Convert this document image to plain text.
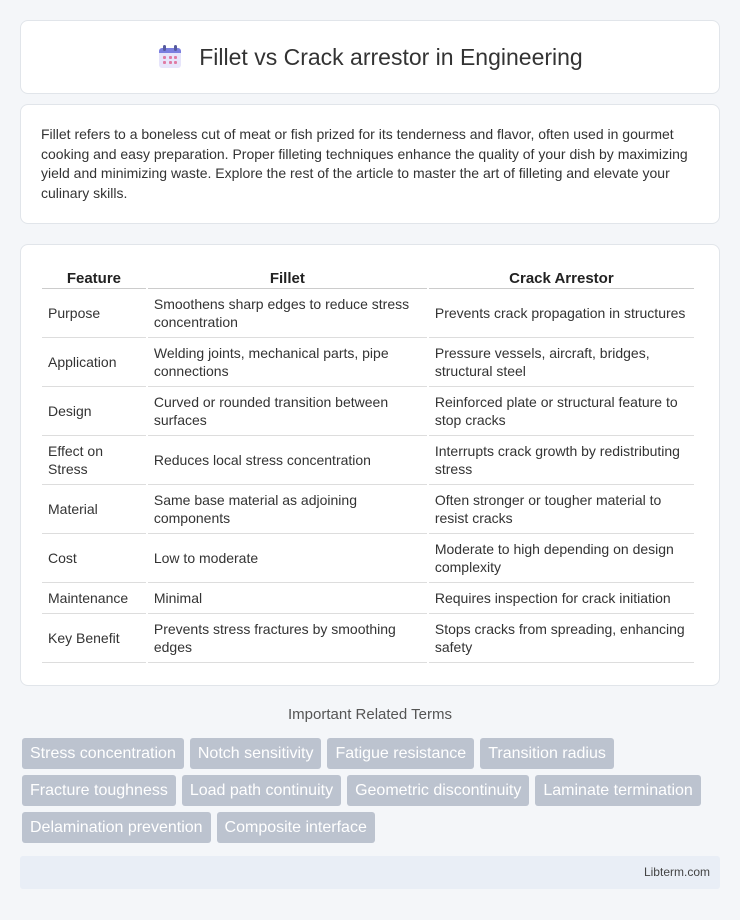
Fillet vs Crack arrestor in Engineering

Fillet refers to a boneless cut of meat or fish prized for its tenderness and flavor, often used in gourmet cooking and easy preparation. Proper filleting techniques enhance the quality of your dish by maximizing yield and minimizing waste. Explore the rest of the article to master the art of filleting and elevate your culinary skills.

Feature	Fillet	Crack Arrestor
Purpose	Smoothens sharp edges to reduce stress concentration	Prevents crack propagation in structures
Application	Welding joints, mechanical parts, pipe connections	Pressure vessels, aircraft, bridges, structural steel
Design	Curved or rounded transition between surfaces	Reinforced plate or structural feature to stop cracks
Effect on Stress	Reduces local stress concentration	Interrupts crack growth by redistributing stress
Material	Same base material as adjoining components	Often stronger or tougher material to resist cracks
Cost	Low to moderate	Moderate to high depending on design complexity
Maintenance	Minimal	Requires inspection for crack initiation
Key Benefit	Prevents stress fractures by smoothing edges	Stops cracks from spreading, enhancing safety
Important Related Terms
Stress concentration	Notch sensitivity	Fatigue resistance	Transition radius
Fracture toughness	Load path continuity	Geometric discontinuity	Laminate termination
Delamination prevention	Composite interface
Libterm.com
